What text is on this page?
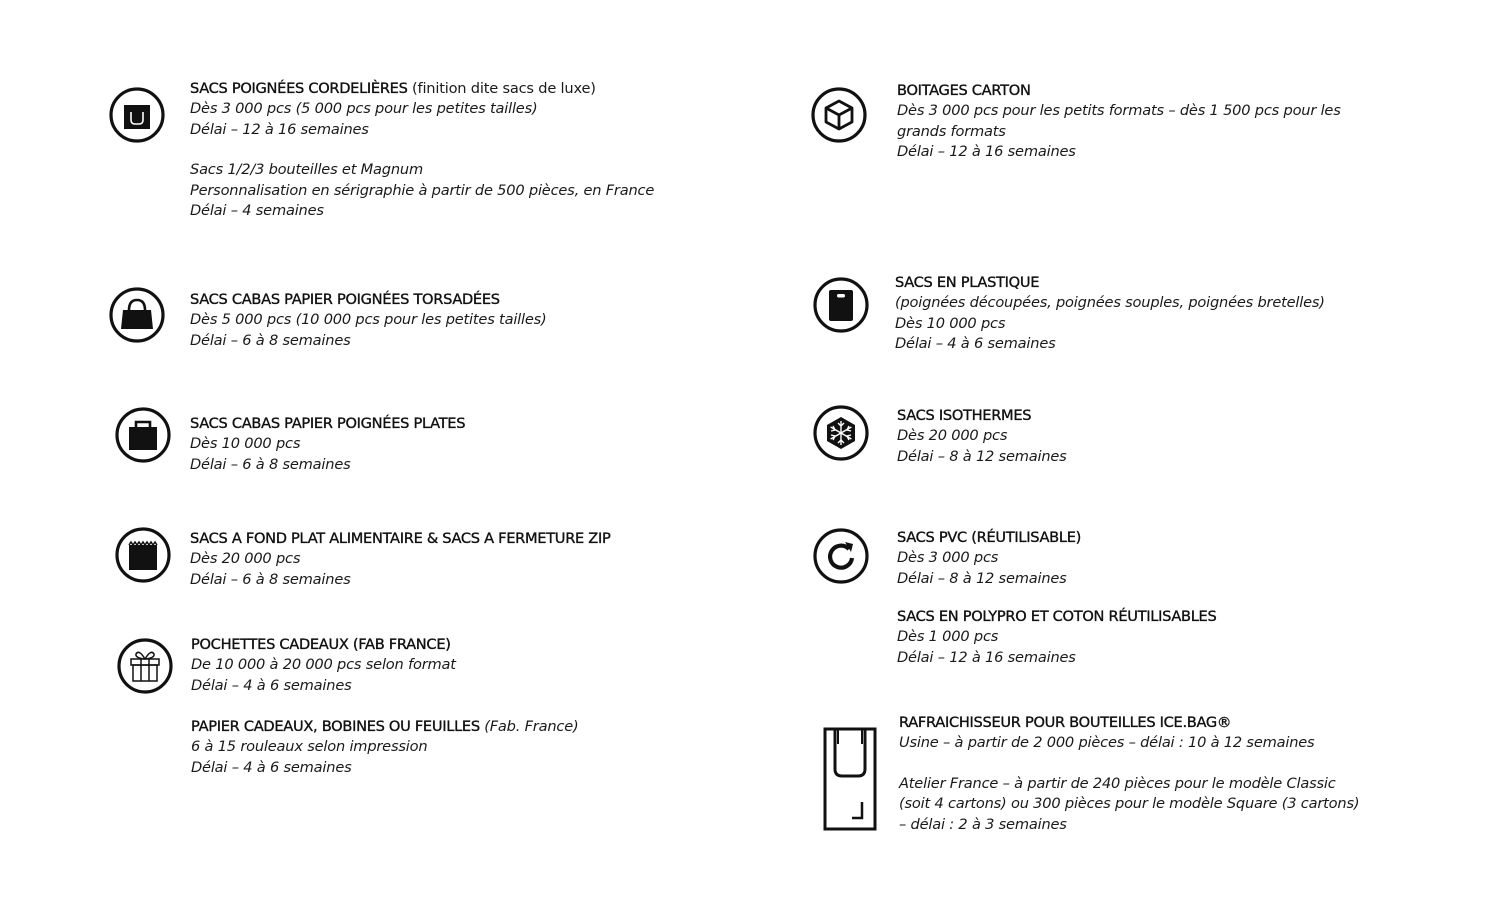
SACS POIGNÉES CORDELIÈRES (finition dite sacs de luxe)
Dès 3 000 pcs (5 000 pcs pour les petites tailles)
Délai – 12 à 16 semaines
Sacs 1/2/3 bouteilles et Magnum
Personnalisation en sérigraphie à partir de 500 pièces, en France
Délai – 4 semaines
SACS CABAS PAPIER POIGNÉES TORSADÉES
Dès 5 000 pcs (10 000 pcs pour les petites tailles)
Délai – 6 à 8 semaines
SACS CABAS PAPIER POIGNÉES PLATES
Dès 10 000 pcs
Délai – 6 à 8 semaines
SACS A FOND PLAT ALIMENTAIRE & SACS A FERMETURE ZIP
Dès 20 000 pcs
Délai – 6 à 8 semaines
POCHETTES CADEAUX (FAB FRANCE)
De 10 000 à 20 000 pcs selon format
Délai – 4 à 6 semaines
PAPIER CADEAUX, BOBINES OU FEUILLES (Fab. France)
6 à 15 rouleaux selon impression
Délai – 4 à 6 semaines
BOITAGES CARTON
Dès 3 000 pcs pour les petits formats – dès 1 500 pcs pour les
grands formats
Délai – 12 à 16 semaines
SACS EN PLASTIQUE
(poignées découpées, poignées souples, poignées bretelles)
Dès 10 000 pcs
Délai – 4 à 6 semaines
SACS ISOTHERMES
Dès 20 000 pcs
Délai – 8 à 12 semaines
SACS PVC (RÉUTILISABLE)
Dès 3 000 pcs
Délai – 8 à 12 semaines
SACS EN POLYPRO ET COTON RÉUTILISABLES
Dès 1 000 pcs
Délai – 12 à 16 semaines
RAFRAICHISSEUR POUR BOUTEILLES ICE.BAG®
Usine – à partir de 2 000 pièces – délai : 10 à 12 semaines
Atelier France – à partir de 240 pièces pour le modèle Classic
(soit 4 cartons) ou 300 pièces pour le modèle Square (3 cartons)
– délai : 2 à 3 semaines
